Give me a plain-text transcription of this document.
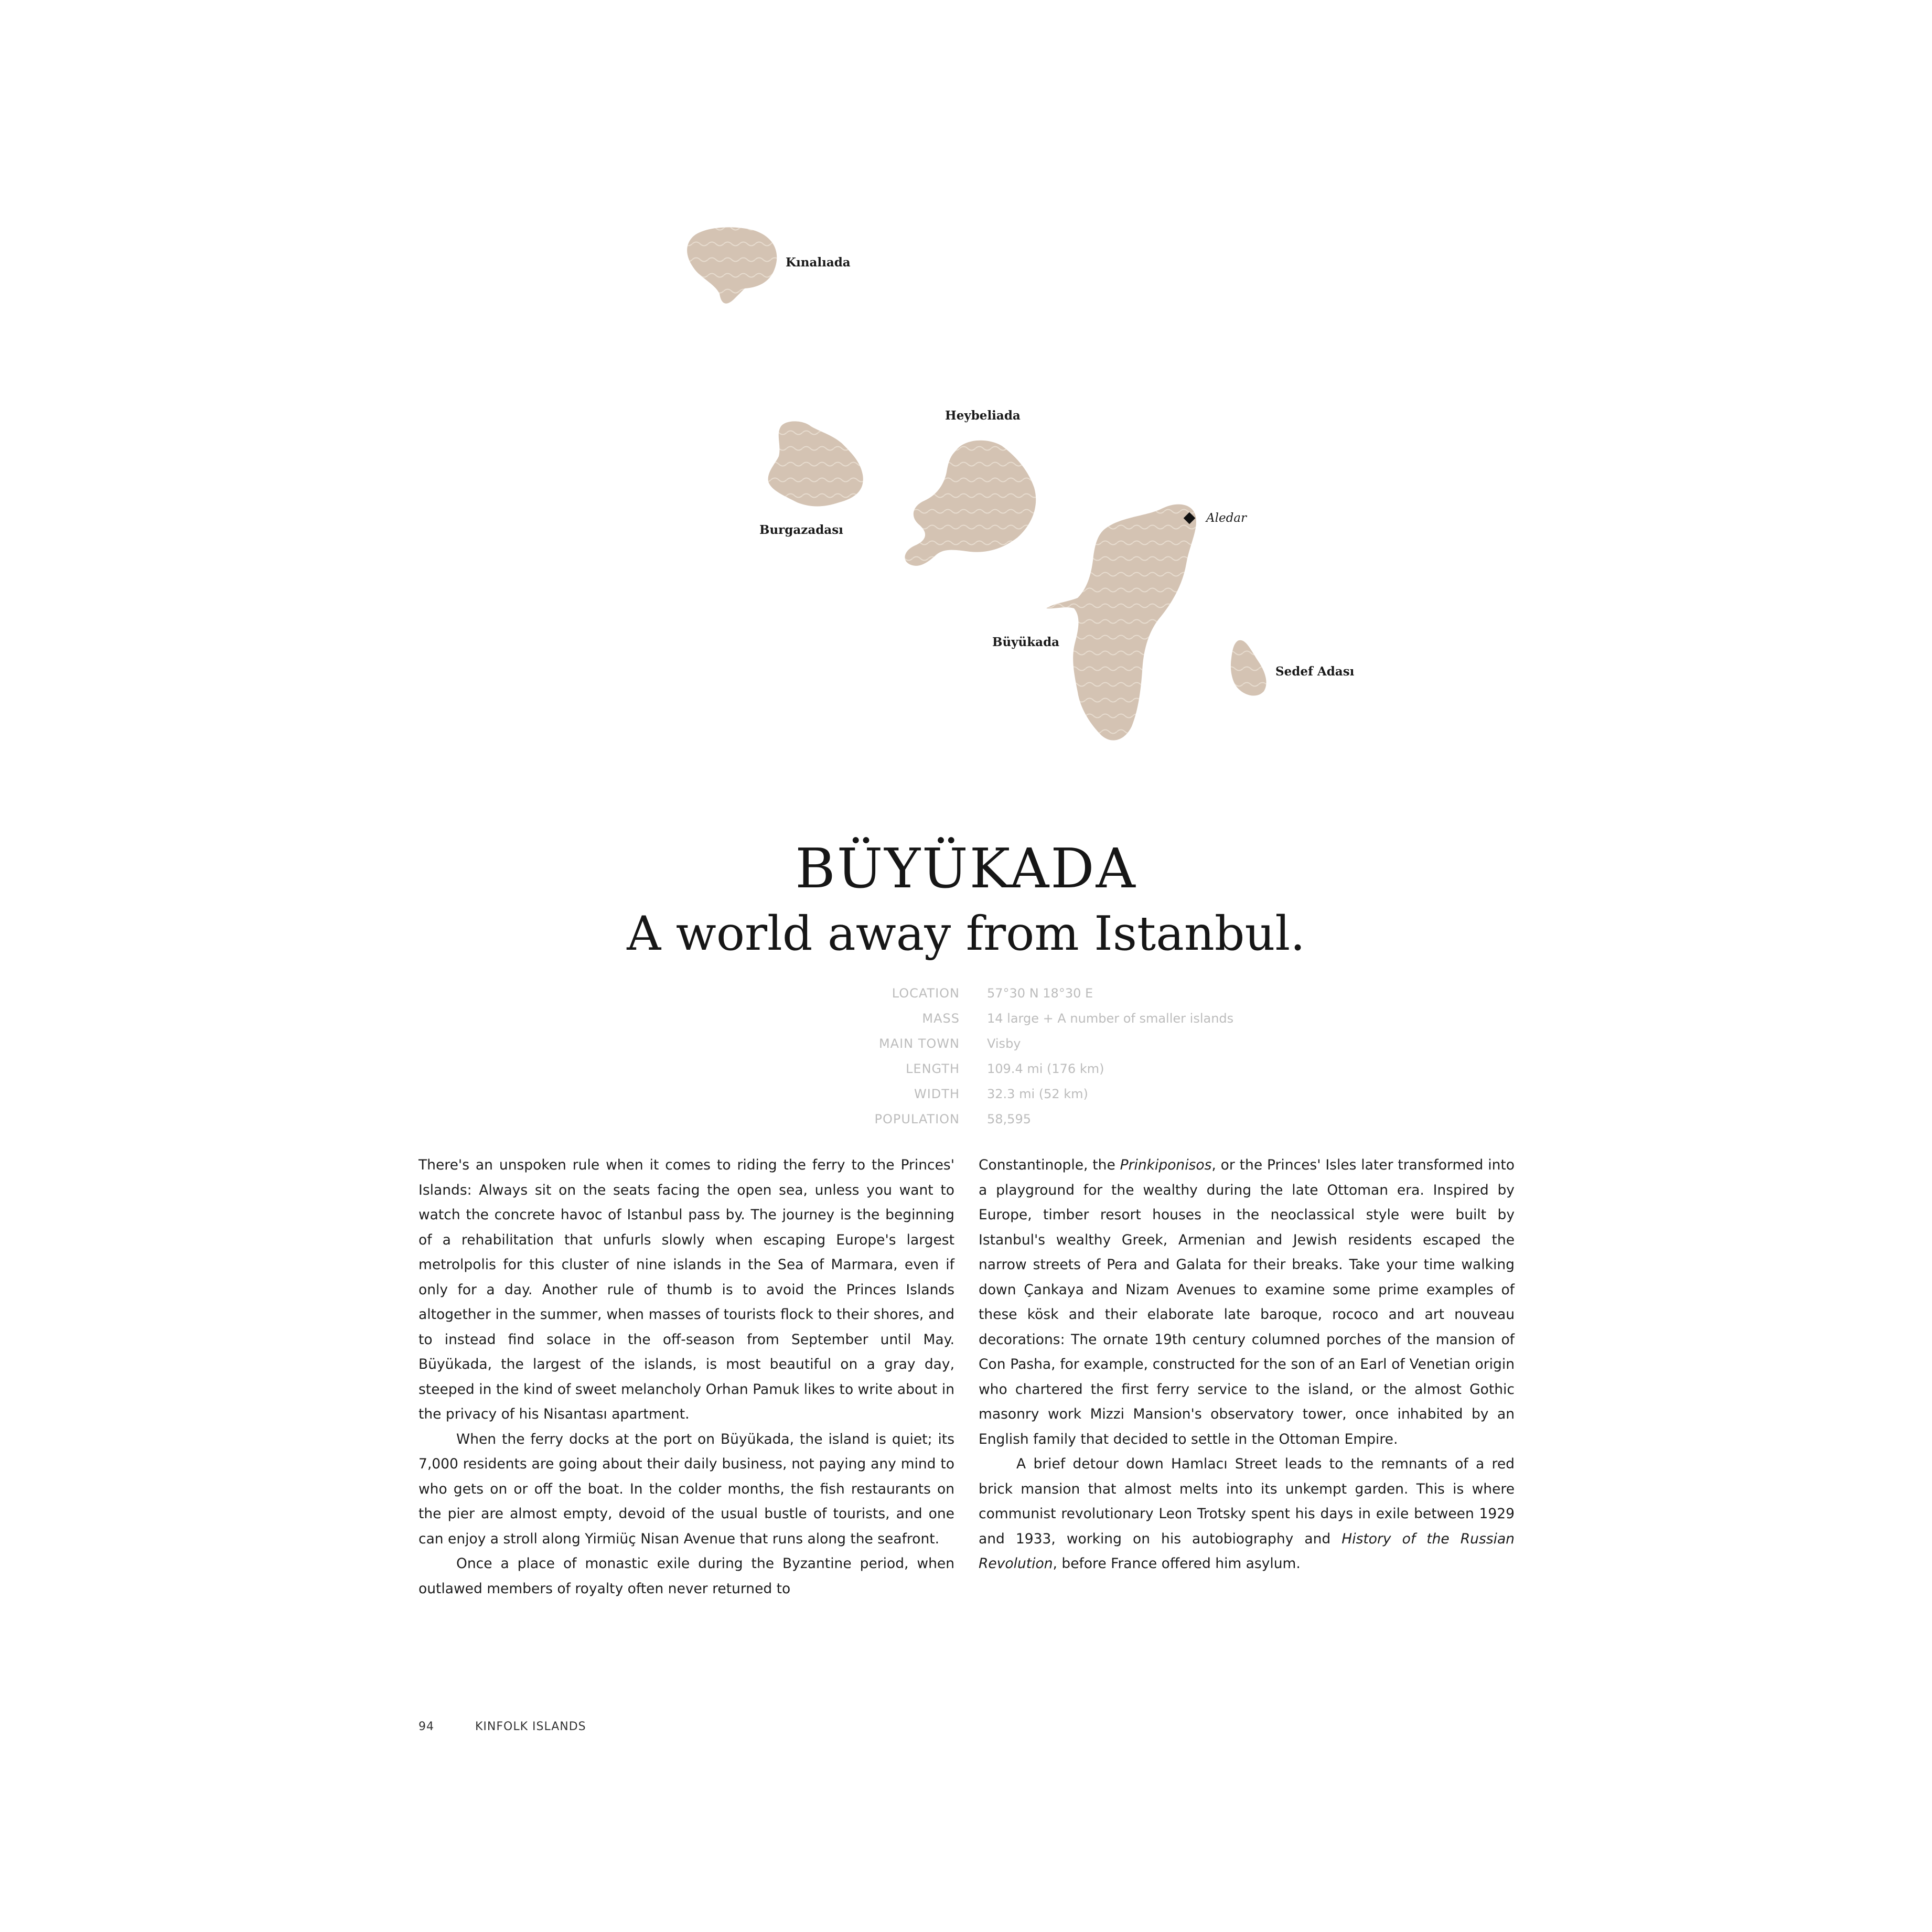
Kınalıada
Heybeliada
Burgazadası
Büyükada
Sedef Adası
Aledar
BÜYÜKADA
A world away from Istanbul.
LOCATION 57°30 N 18°30 E
MASS 14 large + A number of smaller islands
MAIN TOWN Visby
LENGTH 109.4 mi (176 km)
WIDTH 32.3 mi (52 km)
POPULATION 58,595

There's an unspoken rule when it comes to riding the ferry to the Princes' Islands: Always sit on the seats facing the open sea, unless you want to watch the concrete havoc of Istanbul pass by. The journey is the beginning of a rehabilitation that unfurls slowly when escaping Europe's largest metrolpolis for this cluster of nine islands in the Sea of Marmara, even if only for a day. Another rule of thumb is to avoid the Princes Islands altogether in the summer, when masses of tourists flock to their shores, and to instead find solace in the off-season from September until May. Büyükada, the largest of the islands, is most beautiful on a gray day, steeped in the kind of sweet melancholy Orhan Pamuk likes to write about in the privacy of his Nisantası apartment.

When the ferry docks at the port on Büyükada, the island is quiet; its 7,000 residents are going about their daily business, not paying any mind to who gets on or off the boat. In the colder months, the fish restaurants on the pier are almost empty, devoid of the usual bustle of tourists, and one can enjoy a stroll along Yirmiüç Nisan Avenue that runs along the seafront.

Once a place of monastic exile during the Byzantine period, when outlawed members of royalty often never returned to

Constantinople, the Prinkiponisos, or the Princes' Isles later transformed into a playground for the wealthy during the late Ottoman era. Inspired by Europe, timber resort houses in the neoclassical style were built by Istanbul's wealthy Greek, Armenian and Jewish residents escaped the narrow streets of Pera and Galata for their breaks. Take your time walking down Çankaya and Nizam Avenues to examine some prime examples of these kösk and their elaborate late baroque, rococo and art nouveau decorations: The ornate 19th century columned porches of the mansion of Con Pasha, for example, constructed for the son of an Earl of Venetian origin who chartered the first ferry service to the island, or the almost Gothic masonry work Mizzi Mansion's observatory tower, once inhabited by an English family that decided to settle in the Ottoman Empire.

A brief detour down Hamlacı Street leads to the remnants of a red brick mansion that almost melts into its unkempt garden. This is where communist revolutionary Leon Trotsky spent his days in exile between 1929 and 1933, working on his autobiography and History of the Russian Revolution, before France offered him asylum.

94	KINFOLK ISLANDS
